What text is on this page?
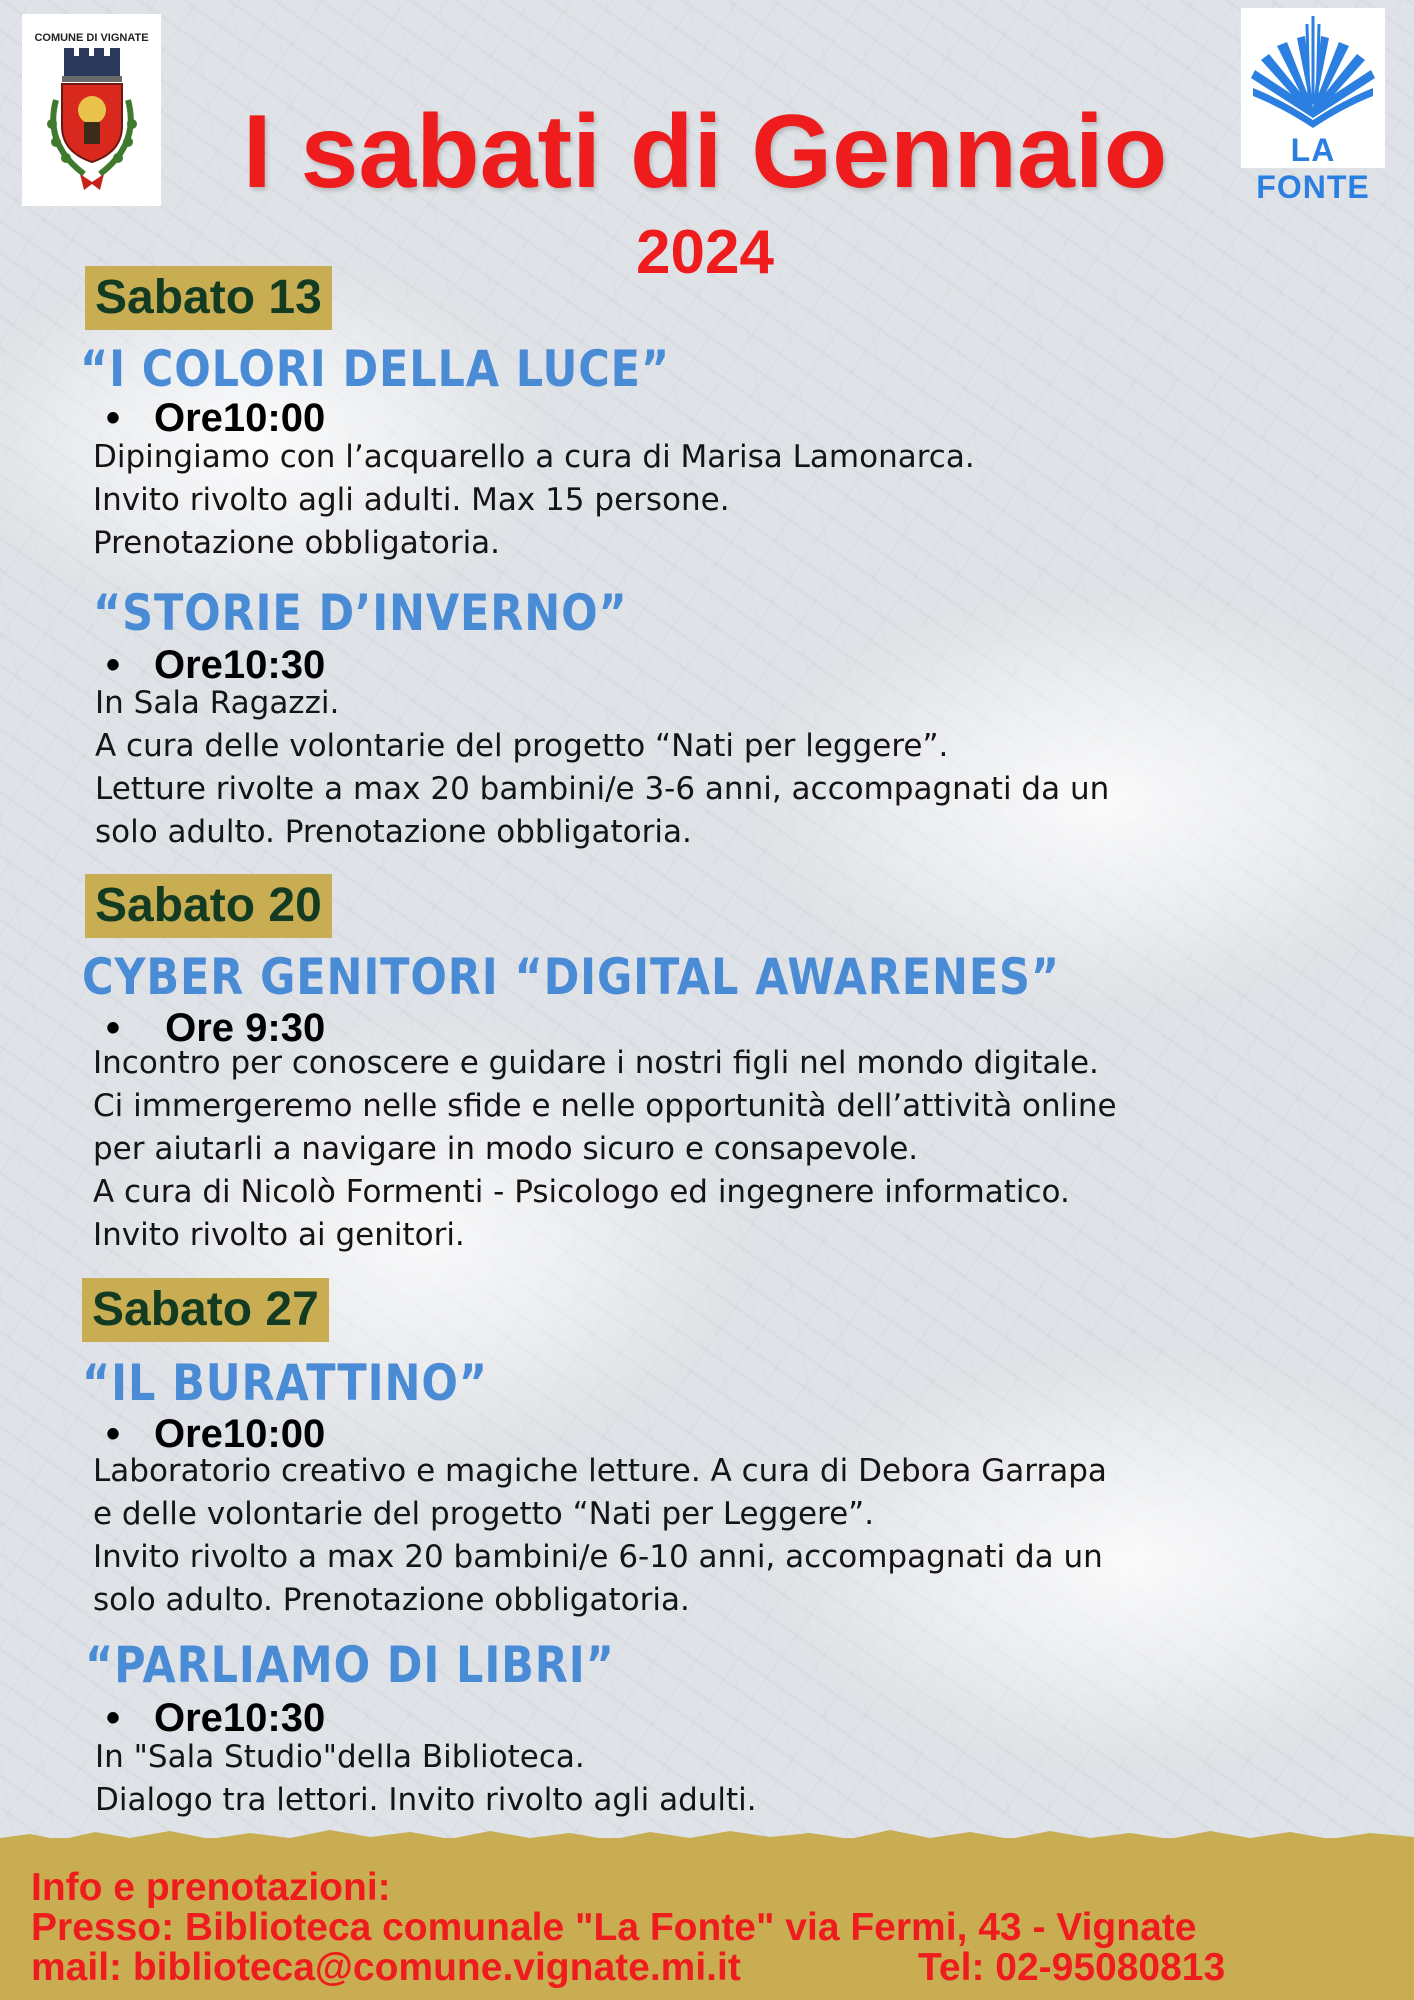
COMUNE DI VIGNATE
LA FONTE
I sabati di Gennaio
2024
Sabato 13
“I COLORI DELLA LUCE”
• Ore10:00
Dipingiamo con l’acquarello a cura di Marisa Lamonarca.
Invito rivolto agli adulti. Max 15 persone.
Prenotazione obbligatoria.
“STORIE D’INVERNO”
• Ore10:30
In Sala Ragazzi.
A cura delle volontarie del progetto “Nati per leggere”.
Letture rivolte a max 20 bambini/e 3-6 anni, accompagnati da un
solo adulto. Prenotazione obbligatoria.
Sabato 20
CYBER GENITORI “DIGITAL AWARENES”
• Ore 9:30
Incontro per conoscere e guidare i nostri figli nel mondo digitale.
Ci immergeremo nelle sfide e nelle opportunità dell’attività online
per aiutarli a navigare in modo sicuro e consapevole.
A cura di Nicolò Formenti - Psicologo ed ingegnere informatico.
Invito rivolto ai genitori.
Sabato 27
“IL BURATTINO”
• Ore10:00
Laboratorio creativo e magiche letture. A cura di Debora Garrapa
e delle volontarie del progetto “Nati per Leggere”.
Invito rivolto a max 20 bambini/e 6-10 anni, accompagnati da un
solo adulto. Prenotazione obbligatoria.
“PARLIAMO DI LIBRI”
• Ore10:30
In "Sala Studio"della Biblioteca.
Dialogo tra lettori. Invito rivolto agli adulti.
Info e prenotazioni:
Presso: Biblioteca comunale "La Fonte" via Fermi, 43 - Vignate
mail: biblioteca@comune.vignate.mi.it	Tel: 02-95080813
